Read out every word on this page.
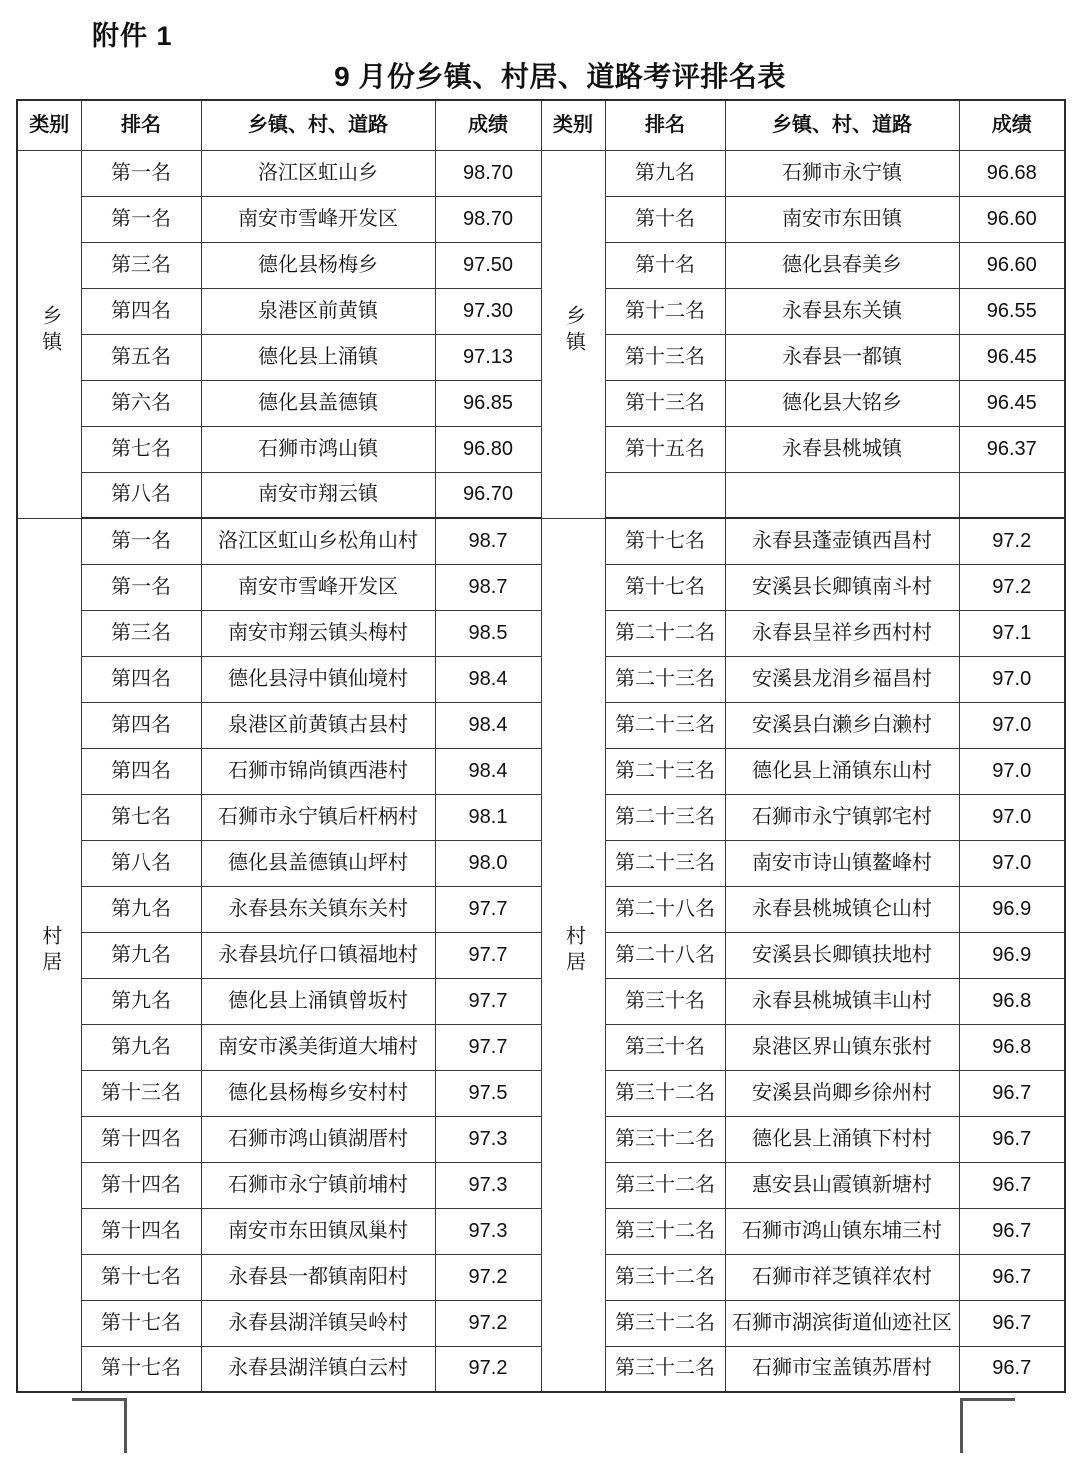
附件 1
9 月份乡镇、村居、道路考评排名表
类别	排名	乡镇、村、道路	成绩	类别	排名	乡镇、村、道路	成绩
乡镇	第一名	洛江区虹山乡	98.70	乡镇	第九名	石狮市永宁镇	96.68
	第一名	南安市雪峰开发区	98.70		第十名	南安市东田镇	96.60
	第三名	德化县杨梅乡	97.50		第十名	德化县春美乡	96.60
	第四名	泉港区前黄镇	97.30		第十二名	永春县东关镇	96.55
	第五名	德化县上涌镇	97.13		第十三名	永春县一都镇	96.45
	第六名	德化县盖德镇	96.85		第十三名	德化县大铭乡	96.45
	第七名	石狮市鸿山镇	96.80		第十五名	永春县桃城镇	96.37
	第八名	南安市翔云镇	96.70				
村居	第一名	洛江区虹山乡松角山村	98.7	村居	第十七名	永春县蓬壶镇西昌村	97.2
	第一名	南安市雪峰开发区	98.7		第十七名	安溪县长卿镇南斗村	97.2
	第三名	南安市翔云镇头梅村	98.5		第二十二名	永春县呈祥乡西村村	97.1
	第四名	德化县浔中镇仙境村	98.4		第二十三名	安溪县龙涓乡福昌村	97.0
	第四名	泉港区前黄镇古县村	98.4		第二十三名	安溪县白濑乡白濑村	97.0
	第四名	石狮市锦尚镇西港村	98.4		第二十三名	德化县上涌镇东山村	97.0
	第七名	石狮市永宁镇后杆柄村	98.1		第二十三名	石狮市永宁镇郭宅村	97.0
	第八名	德化县盖德镇山坪村	98.0		第二十三名	南安市诗山镇鳌峰村	97.0
	第九名	永春县东关镇东关村	97.7		第二十八名	永春县桃城镇仑山村	96.9
	第九名	永春县坑仔口镇福地村	97.7		第二十八名	安溪县长卿镇扶地村	96.9
	第九名	德化县上涌镇曾坂村	97.7		第三十名	永春县桃城镇丰山村	96.8
	第九名	南安市溪美街道大埔村	97.7		第三十名	泉港区界山镇东张村	96.8
	第十三名	德化县杨梅乡安村村	97.5		第三十二名	安溪县尚卿乡徐州村	96.7
	第十四名	石狮市鸿山镇湖厝村	97.3		第三十二名	德化县上涌镇下村村	96.7
	第十四名	石狮市永宁镇前埔村	97.3		第三十二名	惠安县山霞镇新塘村	96.7
	第十四名	南安市东田镇凤巢村	97.3		第三十二名	石狮市鸿山镇东埔三村	96.7
	第十七名	永春县一都镇南阳村	97.2		第三十二名	石狮市祥芝镇祥农村	96.7
	第十七名	永春县湖洋镇吴岭村	97.2		第三十二名	石狮市湖滨街道仙迹社区	96.7
	第十七名	永春县湖洋镇白云村	97.2		第三十二名	石狮市宝盖镇苏厝村	96.7
